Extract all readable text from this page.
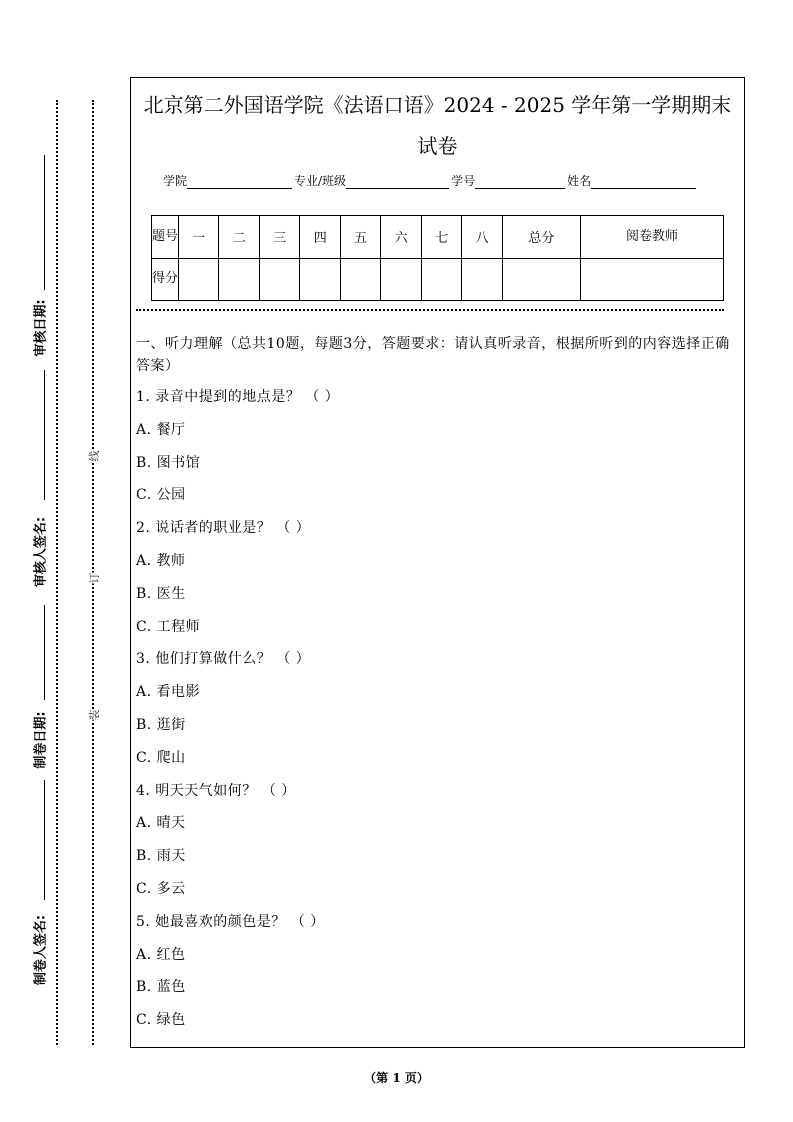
审核日期:
审核人签名:
制卷日期:
制卷人签名:
线
订
装
北京第二外国语学院《法语口语》2024 - 2025 学年第一学期期末
试卷
学院	专业/班级	学号	姓名
题号	一	二	三	四	五	六	七	八	总分	阅卷教师
得分										
一、听力理解（总共10题，每题3分，答题要求：请认真听录音，根据所听到的内容选择正确答案）
1. 录音中提到的地点是？ （ ）
A. 餐厅
B. 图书馆
C. 公园
2. 说话者的职业是？ （ ）
A. 教师
B. 医生
C. 工程师
3. 他们打算做什么？ （ ）
A. 看电影
B. 逛街
C. 爬山
4. 明天天气如何？ （ ）
A. 晴天
B. 雨天
C. 多云
5. 她最喜欢的颜色是？ （ ）
A. 红色
B. 蓝色
C. 绿色
（第 1 页）
